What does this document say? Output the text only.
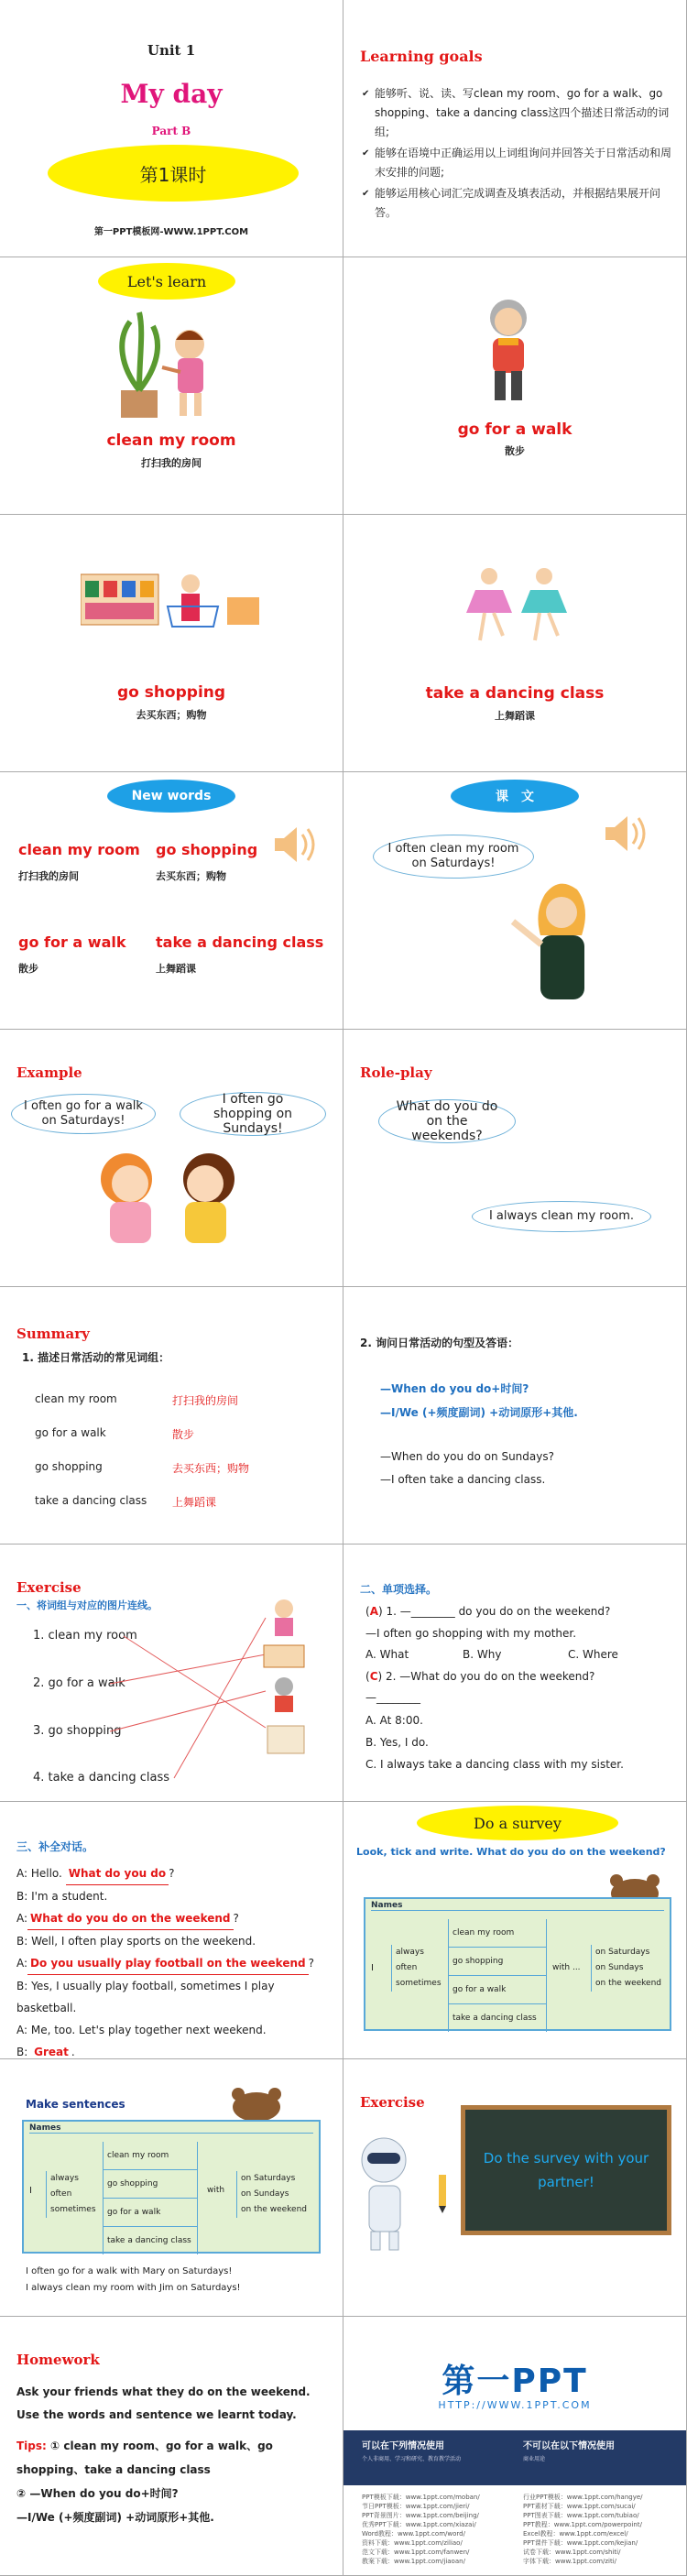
Unit 1
My day
Part B
第1课时
第一PPT模板网-WWW.1PPT.COM
Learning goals
✔ 能够听、说、读、写clean my room、go for a walk、go shopping、take a dancing class这四个描述日常活动的词组;
✔ 能够在语境中正确运用以上词组询问并回答关于日常活动和周末安排的问题;
✔ 能够运用核心词汇完成调查及填表活动，并根据结果展开问答。
Let's learn
clean my room
打扫我的房间
go for a walk
散步
go shopping
去买东西；购物
take a dancing class
上舞蹈课
New words
clean my room
打扫我的房间
go shopping
去买东西；购物
go for a walk
散步
take a dancing class
上舞蹈课
课　文
I often clean my room on Saturdays!
Example
I often go for a walk on Saturdays!
I often go shopping on Sundays!
Role-play
What do you do on the weekends?
I always clean my room.
Summary
1. 描述日常活动的常见词组：
clean my room	打扫我的房间
go for a walk	散步
go shopping	去买东西；购物
take a dancing class 上舞蹈课
2. 询问日常活动的句型及答语：
—When do you do+时间?
—I/We (+频度副词) +动词原形+其他.
—When do you do on Sundays?
—I often take a dancing class.
Exercise
一、将词组与对应的图片连线。
1. clean my room
2. go for a walk
3. go shopping
4. take a dancing class
二、单项选择。
(A) 1. —________ do you do on the weekend?
—I often go shopping with my mother.
A. What	B. Why	C. Where
(C) 2. —What do you do on the weekend?
—________
A. At 8:00.
B. Yes, I do.
C. I always take a dancing class with my sister.
三、补全对话。
A: Hello. What do you do ?
B: I'm a student.
A: What do you do on the weekend ?
B: Well, I often play sports on the weekend.
A: Do you usually play football on the weekend ?
B: Yes, I usually play football, sometimes I play basketball.
A: Me, too. Let's play together next weekend.
B: Great .
Do a survey
Look, tick and write. What do you do on the weekend?
Names
I
always
often
sometimes
clean my room
go shopping
go for a walk
take a dancing class
with ...
on Saturdays
on Sundays
on the weekend
Make sentences
Names
I
always
often
sometimes
clean my room
go shopping
go for a walk
take a dancing class
with
on Saturdays
on Sundays
on the weekend
I often go for a walk with Mary on Saturdays!
I always clean my room with Jim on Saturdays!
Exercise
Do the survey with your partner!
Homework
Ask your friends what they do on the weekend. Use the words and sentence we learnt today.
Tips: ① clean my room、go for a walk、go shopping、take a dancing class
② —When do you do+时间?
—I/We (+频度副词) +动词原形+其他.
第一PPT
HTTP://WWW.1PPT.COM
可以在下列情况使用
个人非商用、学习和研究、教育教学活动
不可以在以下情况使用
商业用途
PPT模板下载：www.1ppt.com/moban/
节日PPT模板：www.1ppt.com/jieri/
PPT背景图片：www.1ppt.com/beijing/
优秀PPT下载：www.1ppt.com/xiazai/
Word教程：www.1ppt.com/word/
资料下载：www.1ppt.com/ziliao/
范文下载：www.1ppt.com/fanwen/
教案下载：www.1ppt.com/jiaoan/
行业PPT模板：www.1ppt.com/hangye/
PPT素材下载：www.1ppt.com/sucai/
PPT图表下载：www.1ppt.com/tubiao/
PPT教程：www.1ppt.com/powerpoint/
Excel教程：www.1ppt.com/excel/
PPT课件下载：www.1ppt.com/kejian/
试卷下载：www.1ppt.com/shiti/
字体下载：www.1ppt.com/ziti/
